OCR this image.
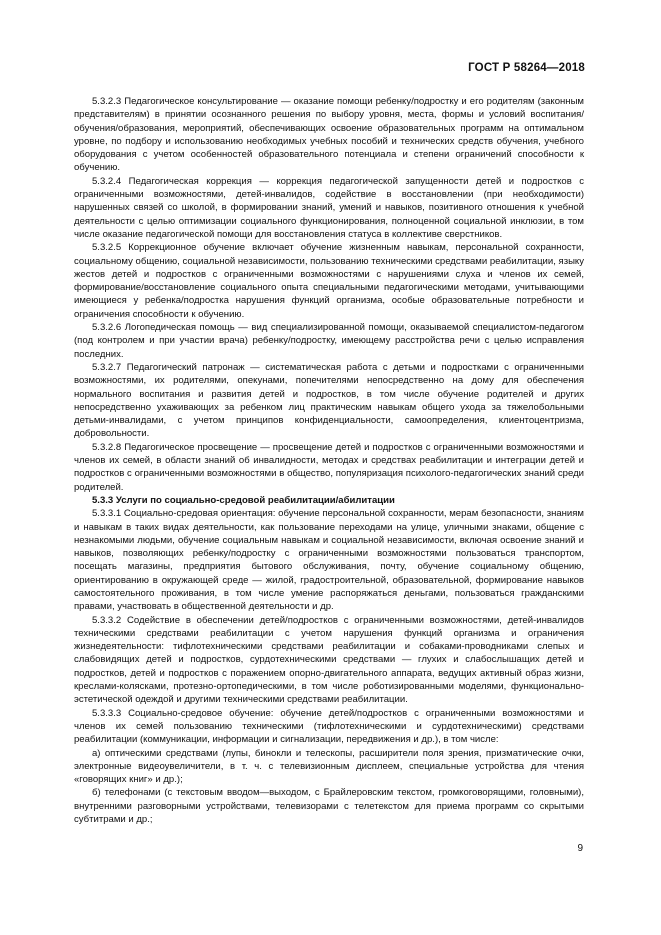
ГОСТ Р 58264—2018

5.3.2.3 Педагогическое консультирование — оказание помощи ребенку/подростку и его родителям (законным представителям) в принятии осознанного решения по выбору уровня, места, формы и условий воспитания/обучения/образования, мероприятий, обеспечивающих освоение образовательных программ на оптимальном уровне, по подбору и использованию необходимых учебных пособий и технических средств обучения, учебного оборудования с учетом особенностей образовательного потенциала и степени ограничений способности к обучению.

5.3.2.4 Педагогическая коррекция — коррекция педагогической запущенности детей и подростков с ограниченными возможностями, детей-инвалидов, содействие в восстановлении (при необходимости) нарушенных связей со школой, в формировании знаний, умений и навыков, позитивного отношения к учебной деятельности с целью оптимизации социального функционирования, полноценной социальной инклюзии, в том числе оказание педагогической помощи для восстановления статуса в коллективе сверстников.

5.3.2.5 Коррекционное обучение включает обучение жизненным навыкам, персональной сохранности, социальному общению, социальной независимости, пользованию техническими средствами реабилитации, языку жестов детей и подростков с ограниченными возможностями с нарушениями слуха и членов их семей, формирование/восстановление социального опыта специальными педагогическими методами, учитывающими имеющиеся у ребенка/подростка нарушения функций организма, особые образовательные потребности и ограничения способности к обучению.

5.3.2.6 Логопедическая помощь — вид специализированной помощи, оказываемой специалистом-педагогом (под контролем и при участии врача) ребенку/подростку, имеющему расстройства речи с целью исправления последних.

5.3.2.7 Педагогический патронаж — систематическая работа с детьми и подростками с ограниченными возможностями, их родителями, опекунами, попечителями непосредственно на дому для обеспечения нормального воспитания и развития детей и подростков, в том числе обучение родителей и других непосредственно ухаживающих за ребенком лиц практическим навыкам общего ухода за тяжелобольными детьми-инвалидами, с учетом принципов конфиденциальности, самоопределения, клиентоцентризма, добровольности.

5.3.2.8 Педагогическое просвещение — просвещение детей и подростков с ограниченными возможностями и членов их семей, в области знаний об инвалидности, методах и средствах реабилитации и интеграции детей и подростков с ограниченными возможностями в общество, популяризация психолого-педагогических знаний среди родителей.

5.3.3 Услуги по социально-средовой реабилитации/абилитации

5.3.3.1 Социально-средовая ориентация: обучение персональной сохранности, мерам безопасности, знаниям и навыкам в таких видах деятельности, как пользование переходами на улице, уличными знаками, общение с незнакомыми людьми, обучение социальным навыкам и социальной независимости, включая освоение знаний и навыков, позволяющих ребенку/подростку с ограниченными возможностями пользоваться транспортом, посещать магазины, предприятия бытового обслуживания, почту, обучение социальному общению, ориентированию в окружающей среде — жилой, градостроительной, образовательной, формирование навыков самостоятельного проживания, в том числе умение распоряжаться деньгами, пользоваться гражданскими правами, участвовать в общественной деятельности и др.

5.3.3.2 Содействие в обеспечении детей/подростков с ограниченными возможностями, детей-инвалидов техническими средствами реабилитации с учетом нарушения функций организма и ограничения жизнедеятельности: тифлотехническими средствами реабилитации и собаками-проводниками слепых и слабовидящих детей и подростков, сурдотехническими средствами — глухих и слабослышащих детей и подростков, детей и подростков с поражением опорно-двигательного аппарата, ведущих активный образ жизни, креслами-колясками, протезно-ортопедическими, в том числе роботизированными моделями, функционально-эстетической одеждой и другими техническими средствами реабилитации.

5.3.3.3 Социально-средовое обучение: обучение детей/подростков с ограниченными возможностями и членов их семей пользованию техническими (тифлотехническими и сурдотехническими) средствами реабилитации (коммуникации, информации и сигнализации, передвижения и др.), в том числе:

а) оптическими средствами (лупы, бинокли и телескопы, расширители поля зрения, призматические очки, электронные видеоувеличители, в т. ч. с телевизионным дисплеем, специальные устройства для чтения «говорящих книг» и др.);

б) телефонами (с текстовым вводом—выходом, с Брайлеровским текстом, громкоговорящими, головными), внутренними разговорными устройствами, телевизорами с телетекстом для приема программ со скрытыми субтитрами и др.;

9
